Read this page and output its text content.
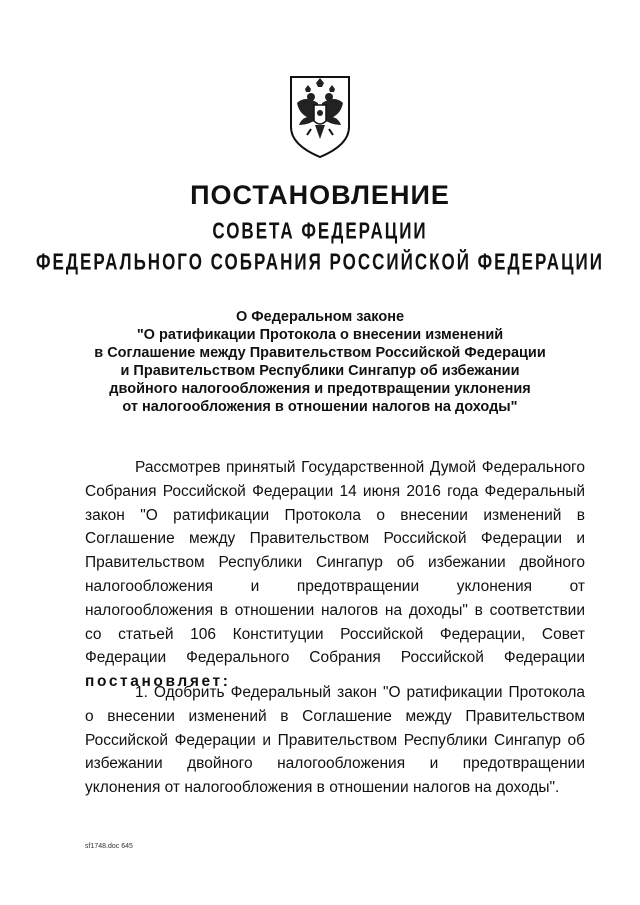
ПОСТАНОВЛЕНИЕ
СОВЕТА ФЕДЕРАЦИИ
ФЕДЕРАЛЬНОГО СОБРАНИЯ РОССИЙСКОЙ ФЕДЕРАЦИИ
О Федеральном законе
"О ратификации Протокола о внесении изменений
в Соглашение между Правительством Российской Федерации
и Правительством Республики Сингапур об избежании
двойного налогообложения и предотвращении уклонения
от налогообложения в отношении налогов на доходы"
Рассмотрев принятый Государственной Думой Федерального
Собрания Российской Федерации 14 июня 2016 года Федеральный
закон "О ратификации Протокола о внесении изменений в
Соглашение между Правительством Российской Федерации и
Правительством Республики Сингапур об избежании двойного
налогообложения и предотвращении уклонения от
налогообложения в отношении налогов на доходы" в соответствии
со статьей 106 Конституции Российской Федерации, Совет
Федерации Федерального Собрания Российской Федерации
постановляет:
1. Одобрить Федеральный закон "О ратификации Протокола
о внесении изменений в Соглашение между Правительством
Российской Федерации и Правительством Республики Сингапур об
избежании двойного налогообложения и предотвращении
уклонения от налогообложения в отношении налогов на доходы".
sf1748.doc 645
